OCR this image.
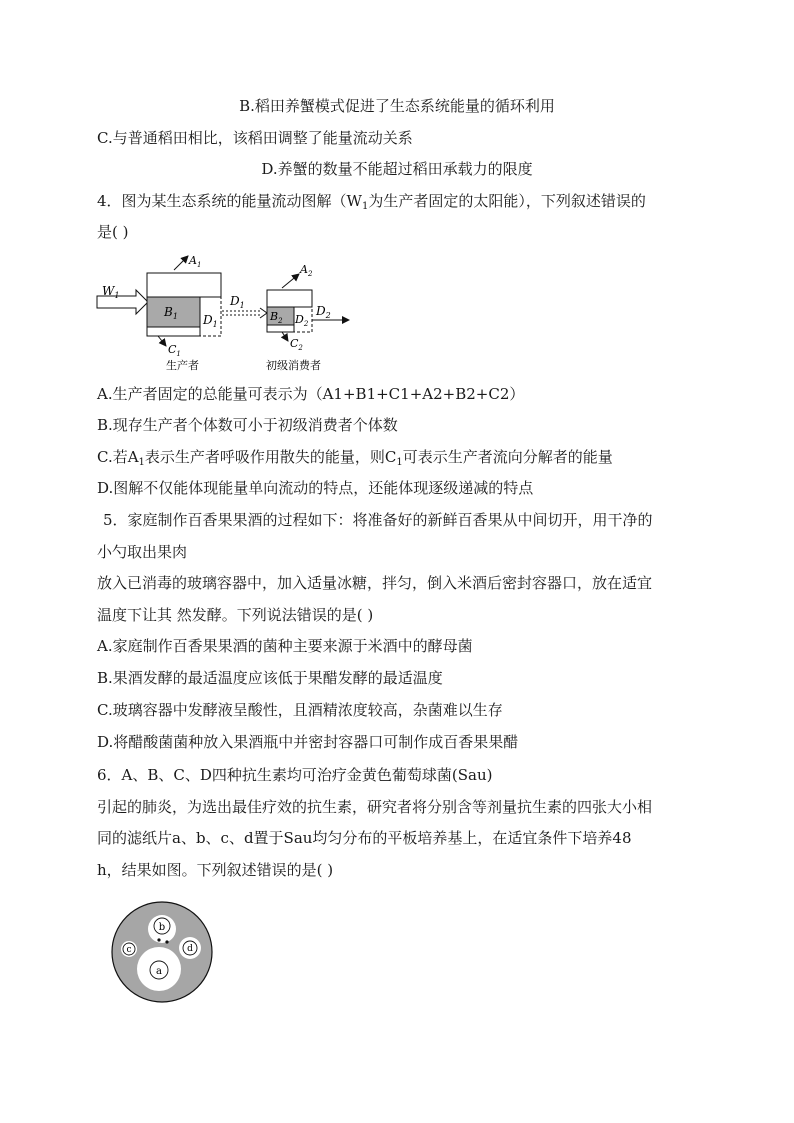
B.稻田养蟹模式促进了生态系统能量的循环利用
C.与普通稻田相比，该稻田调整了能量流动关系
D.养蟹的数量不能超过稻田承载力的限度
4．图为某生态系统的能量流动图解（$W_1$为生产者固定的太阳能），下列叙述错误的
是( )
$W_1$
$B_1$ $D_1$
$A_1$
$C_1$
生产者
$D_1$
$B_2$ $D_2$
$A_2$
$C_2$
$D_2$
初级消费者
A.生产者固定的总能量可表示为（A1+B1+C1+A2+B2+C2）
B.现存生产者个体数可小于初级消费者个体数
C.若$A_1$表示生产者呼吸作用散失的能量，则$C_1$可表示生产者流向分解者的能量
D.图解不仅能体现能量单向流动的特点，还能体现逐级递减的特点
5．家庭制作百香果果酒的过程如下：将准备好的新鲜百香果从中间切开，用干净的
小勺取出果肉
放入已消毒的玻璃容器中，加入适量冰糖，拌匀，倒入米酒后密封容器口，放在适宜
温度下让其 然发酵。下列说法错误的是( )
A.家庭制作百香果果酒的菌种主要来源于米酒中的酵母菌
B.果酒发酵的最适温度应该低于果醋发酵的最适温度
C.玻璃容器中发酵液呈酸性，且酒精浓度较高，杂菌难以生存
D.将醋酸菌菌种放入果酒瓶中并密封容器口可制作成百香果果醋
6．A、B、C、D四种抗生素均可治疗金黄色葡萄球菌(Sau)
引起的肺炎，为选出最佳疗效的抗生素，研究者将分别含等剂量抗生素的四张大小相
同的滤纸片a、b、c、d置于Sau均匀分布的平板培养基上，在适宜条件下培养48
h，结果如图。下列叙述错误的是( )
a
b
c	d
